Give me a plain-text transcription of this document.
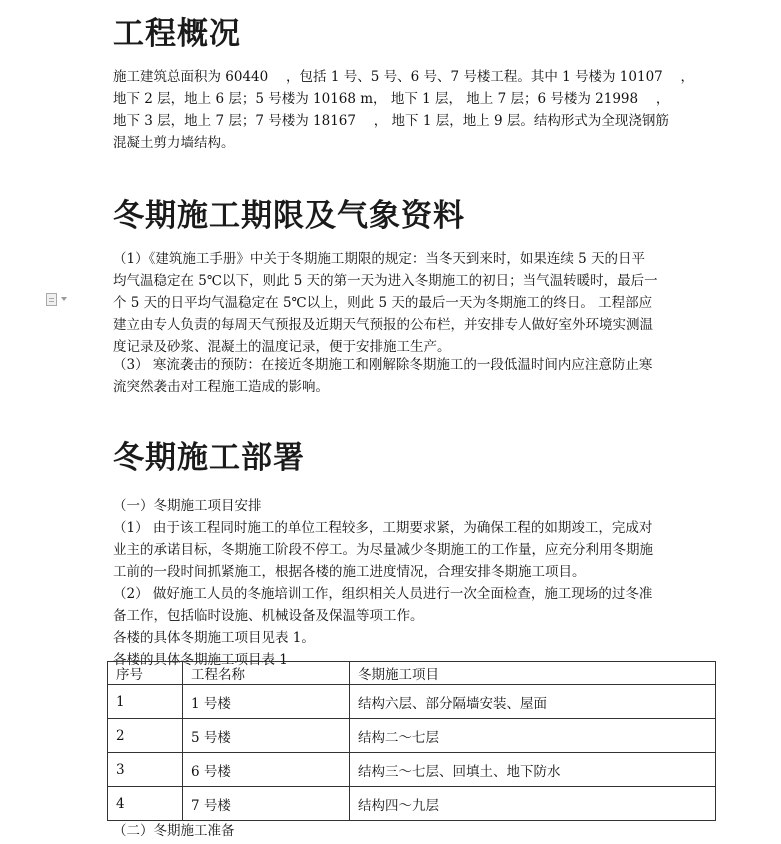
工程概况
施工建筑总面积为 60440 　，包括 1 号、5 号、6 号、7 号楼工程。其中 1 号楼为 10107 　，
地下 2 层，地上 6 层；5 号楼为 10168 m， 地下 1 层， 地上 7 层；6 号楼为 21998 　，
地下 3 层，地上 7 层；7 号楼为 18167 　， 地下 1 层，地上 9 层。结构形式为全现浇钢筋
混凝土剪力墙结构。
冬期施工期限及气象资料
（1）《建筑施工手册》中关于冬期施工期限的规定：当冬天到来时，如果连续 5 天的日平
均气温稳定在 5℃以下，则此 5 天的第一天为进入冬期施工的初日；当气温转暖时，最后一
个 5 天的日平均气温稳定在 5℃以上，则此 5 天的最后一天为冬期施工的终日。 工程部应
建立由专人负责的每周天气预报及近期天气预报的公布栏，并安排专人做好室外环境实测温
度记录及砂浆、混凝土的温度记录，便于安排施工生产。
（3） 寒流袭击的预防：在接近冬期施工和刚解除冬期施工的一段低温时间内应注意防止寒
流突然袭击对工程施工造成的影响。
冬期施工部署
（一）冬期施工项目安排
（1） 由于该工程同时施工的单位工程较多，工期要求紧，为确保工程的如期竣工，完成对
业主的承诺目标，冬期施工阶段不停工。为尽量减少冬期施工的工作量，应充分利用冬期施
工前的一段时间抓紧施工，根据各楼的施工进度情况，合理安排冬期施工项目。
（2） 做好施工人员的冬施培训工作，组织相关人员进行一次全面检查，施工现场的过冬准
备工作，包括临时设施、机械设备及保温等项工作。
各楼的具体冬期施工项目见表 1。
各楼的具体冬期施工项目表 1
序号	工程名称	冬期施工项目
1	1 号楼	结构六层、部分隔墙安装、屋面
2	5 号楼	结构二～七层
3	6 号楼	结构三～七层、回填土、地下防水
4	7 号楼	结构四～九层

（二）冬期施工准备
